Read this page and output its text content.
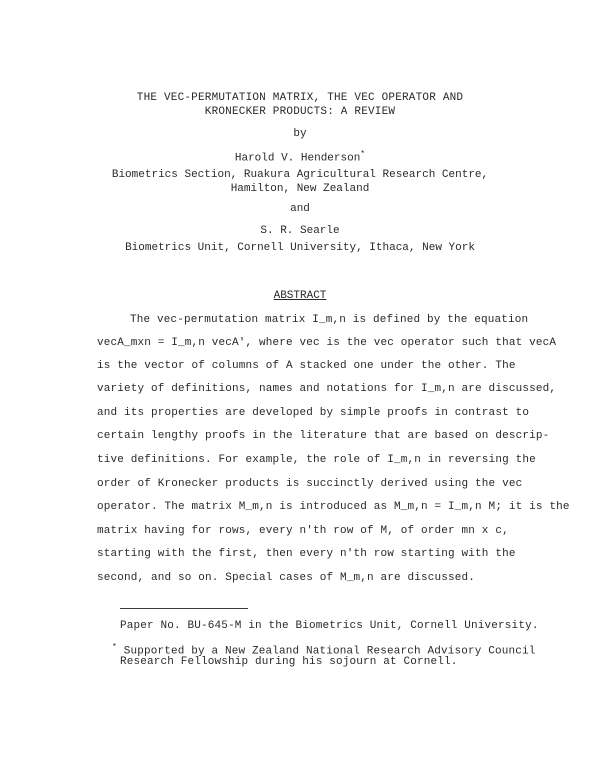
THE VEC-PERMUTATION MATRIX, THE VEC OPERATOR AND
KRONECKER PRODUCTS: A REVIEW
by
Harold V. Henderson*
Biometrics Section, Ruakura Agricultural Research Centre,
Hamilton, New Zealand
and
S. R. Searle
Biometrics Unit, Cornell University, Ithaca, New York
ABSTRACT
The vec-permutation matrix I_m,n is defined by the equation
vecA_mxn = I_m,n vecA', where vec is the vec operator such that vecA
is the vector of columns of A stacked one under the other. The
variety of definitions, names and notations for I_m,n are discussed,
and its properties are developed by simple proofs in contrast to
certain lengthy proofs in the literature that are based on descrip-
tive definitions. For example, the role of I_m,n in reversing the
order of Kronecker products is succinctly derived using the vec
operator. The matrix M_m,n is introduced as M_m,n = I_m,n M; it is the
matrix having for rows, every n'th row of M, of order mn x c,
starting with the first, then every n'th row starting with the
second, and so on. Special cases of M_m,n are discussed.
Paper No. BU-645-M in the Biometrics Unit, Cornell University.
* Supported by a New Zealand National Research Advisory Council
Research Fellowship during his sojourn at Cornell.
